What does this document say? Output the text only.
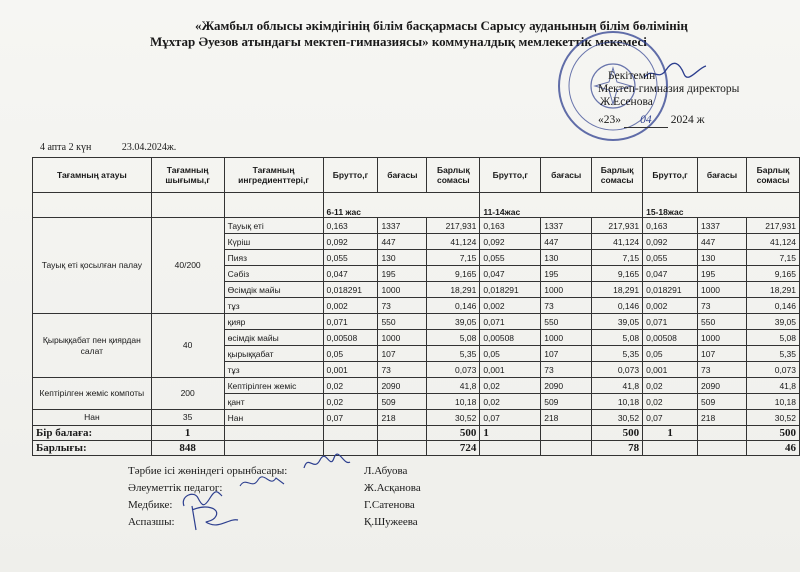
«Жамбыл облысы әкімдігінің білім басқармасы Сарысу ауданының білім бөлімінің
Мұхтар Әуезов атындағы мектеп-гимназиясы» коммуналдық мемлекеттік мекемесі
Бекітемін
Мектеп-гимназия директоры
Ж.Есенова
«23» 04 2024 ж
4 апта 2 күн	23.04.2024ж.
Тағамның атауы	Тағамның шығымы,г	Тағамның ингредиенттері,г	Брутто,г	бағасы	Барлық сомасы	Брутто,г	бағасы	Барлық сомасы	Брутто,г	бағасы	Барлық сомасы
			6-11 жас			11-14жас			15-18жас		
Тауық еті қосылған палау	40/200	Тауық еті	0,163	1337	217,931	0,163	1337	217,931	0,163	1337	217,931
		Күріш	0,092	447	41,124	0,092	447	41,124	0,092	447	41,124
		Пияз	0,055	130	7,15	0,055	130	7,15	0,055	130	7,15
		Сәбіз	0,047	195	9,165	0,047	195	9,165	0,047	195	9,165
		Өсімдік майы	0,018291	1000	18,291	0,018291	1000	18,291	0,018291	1000	18,291
		тұз	0,002	73	0,146	0,002	73	0,146	0,002	73	0,146
Қырыққабат пен қиярдан салат	40	қияр	0,071	550	39,05	0,071	550	39,05	0,071	550	39,05
		өсімдік майы	0,00508	1000	5,08	0,00508	1000	5,08	0,00508	1000	5,08
		қырыққабат	0,05	107	5,35	0,05	107	5,35	0,05	107	5,35
		тұз	0,001	73	0,073	0,001	73	0,073	0,001	73	0,073
Кептірілген жеміс компоты	200	Кептірілген жеміс	0,02	2090	41,8	0,02	2090	41,8	0,02	2090	41,8
		қант	0,02	509	10,18	0,02	509	10,18	0,02	509	10,18
Нан	35	Нан	0,07	218	30,52	0,07	218	30,52	0,07	218	30,52
Бір балаға:	1				500	1		500	1		500
Барлығы:	848				724			78			46
Тәрбие ісі жөніндегі орынбасары:	Л.Абуова
Әлеуметтік педагог:	Ж.Асқанова
Медбике:	Г.Сатенова
Аспазшы:	Қ.Шужеева
